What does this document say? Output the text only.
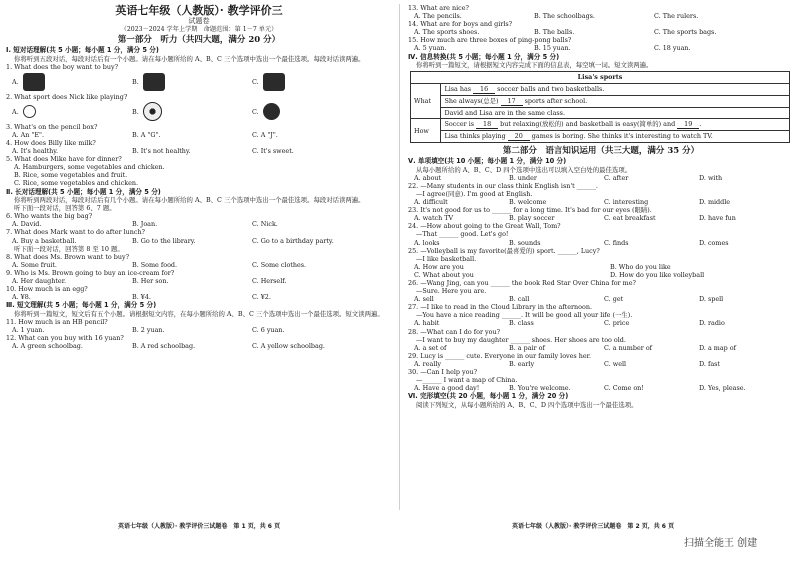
英语七年级（人教版）· 教学评价三
试题卷
（2023－2024 学年上学期　命题范围：第 1－7 单元）
第一部分　听力（共四大题，满分 20 分）
Ⅰ. 短对话理解(共 5 小题；每小题 1 分，满分 5 分)
你将听到五段对话，每段对话后有一个小题。请在每小题所给的 A、B、C 三个选项中选出一个最佳选项。每段对话读两遍。
1. What does the boy want to buy?
A.	B.	C.
2. What sport does Nick like playing?
A.	B.	C.
3. What's on the pencil box?
A. An "E".	B. A "G".	C. A "J".
4. How does Billy like milk?
A. It's healthy.	B. It's not healthy.	C. It's sweet.
5. What does Mike have for dinner?
A. Hamburgers, some vegetables and chicken.
B. Rice, some vegetables and fruit.
C. Rice, some vegetables and chicken.
Ⅱ. 长对话理解(共 5 小题；每小题 1 分，满分 5 分)
你将听到两段对话，每段对话后有几个小题。请在每小题所给的 A、B、C 三个选项中选出一个最佳选项。每段对话读两遍。
听下面一段对话，回答第 6、7 题。
6. Who wants the big bag?
A. David.	B. Joan.	C. Nick.
7. What does Mark want to do after lunch?
A. Buy a basketball.	B. Go to the library.	C. Go to a birthday party.
听下面一段对话，回答第 8 至 10 题。
8. What does Ms. Brown want to buy?
A. Some fruit.	B. Some food.	C. Some clothes.
9. Who is Ms. Brown going to buy an ice-cream for?
A. Her daughter.	B. Her son.	C. Herself.
10. How much is an egg?
A. ¥8.	B. ¥4.	C. ¥2.
Ⅲ. 短文理解(共 5 小题；每小题 1 分，满分 5 分)
你将听到一篇短文，短文后有五个小题。请根据短文内容，在每小题所给的 A、B、C 三个选项中选出一个最佳选项。短文读两遍。
11. How much is an HB pencil?
A. 1 yuan.	B. 2 yuan.	C. 6 yuan.
12. What can you buy with 16 yuan?
A. A green schoolbag.	B. A red schoolbag.	C. A yellow schoolbag.
13. What are nice?
A. The pencils.	B. The schoolbags.	C. The rulers.
14. What are for boys and girls?
A. The sports shoes.	B. The balls.	C. The sports bags.
15. How much are three boxes of ping-pong balls?
A. 5 yuan.	B. 15 yuan.	C. 18 yuan.
Ⅳ. 信息转换(共 5 小题；每小题 1 分，满分 5 分)
你将听到一篇短文，请根据短文内容完成下面的信息表，每空填一词。短文读两遍。
Lisa's sports	
What	Lisa has 16 soccer balls and two basketballs.
	She always(总是) 17 sports after school.
	David and Lisa are in the same class.
How	Soccer is 18 but relaxing(放松的) and basketball is easy(简单的) and 19 .
	Lisa thinks playing 20 games is boring. She thinks it's interesting to watch TV.
第二部分　语言知识运用（共三大题，满分 35 分）
Ⅴ. 单项填空(共 10 小题；每小题 1 分，满分 10 分)
从每小题所给的 A、B、C、D 四个选项中选出可以填入空白处的最佳选项。
A. about	B. under	C. after	D. with
22. —Many students in our class think English isn't ______.
—I agree(同意). I'm good at English.
A. difficult	B. welcome	C. interesting	D. middle
23. It's not good for us to ______ for a long time. It's bad for our eyes (眼睛).
A. watch TV	B. play soccer	C. eat breakfast	D. have fun
24. —How about going to the Great Wall, Tom?
—That ______ good. Let's go!
A. looks	B. sounds	C. finds	D. comes
25. —Volleyball is my favorite(最喜爱的) sport. ______, Lucy?
—I like basketball.
A. How are you	B. Who do you like
C. What about you	D. How do you like volleyball
26. —Wang Jing, can you ______ the book Red Star Over China for me?
—Sure. Here you are.
A. sell	B. call	C. get	D. spell
27. —I like to read in the Cloud Library in the afternoon.
—You have a nice reading ______. It will be good all your life (一生).
A. habit	B. class	C. price	D. radio
28. —What can I do for you?
—I want to buy my daughter ______ shoes. Her shoes are too old.
A. a set of	B. a pair of	C. a number of	D. a map of
29. Lucy is ______ cute. Everyone in our family loves her.
A. really	B. early	C. well	D. fast
30. —Can I help you?
—______ I want a map of China.
A. Have a good day!	B. You're welcome.	C. Come on!	D. Yes, please.
Ⅵ. 完形填空(共 20 小题，每小题 1 分，满分 20 分)
阅读下列短文，从每小题所给的 A、B、C、D 四个选项中选出一个最佳选项。
英语七年级（人教版）· 教学评价三试题卷　第 1 页，共 6 页	英语七年级（人教版）· 教学评价三试题卷　第 2 页，共 6 页
扫描全能王 创建
